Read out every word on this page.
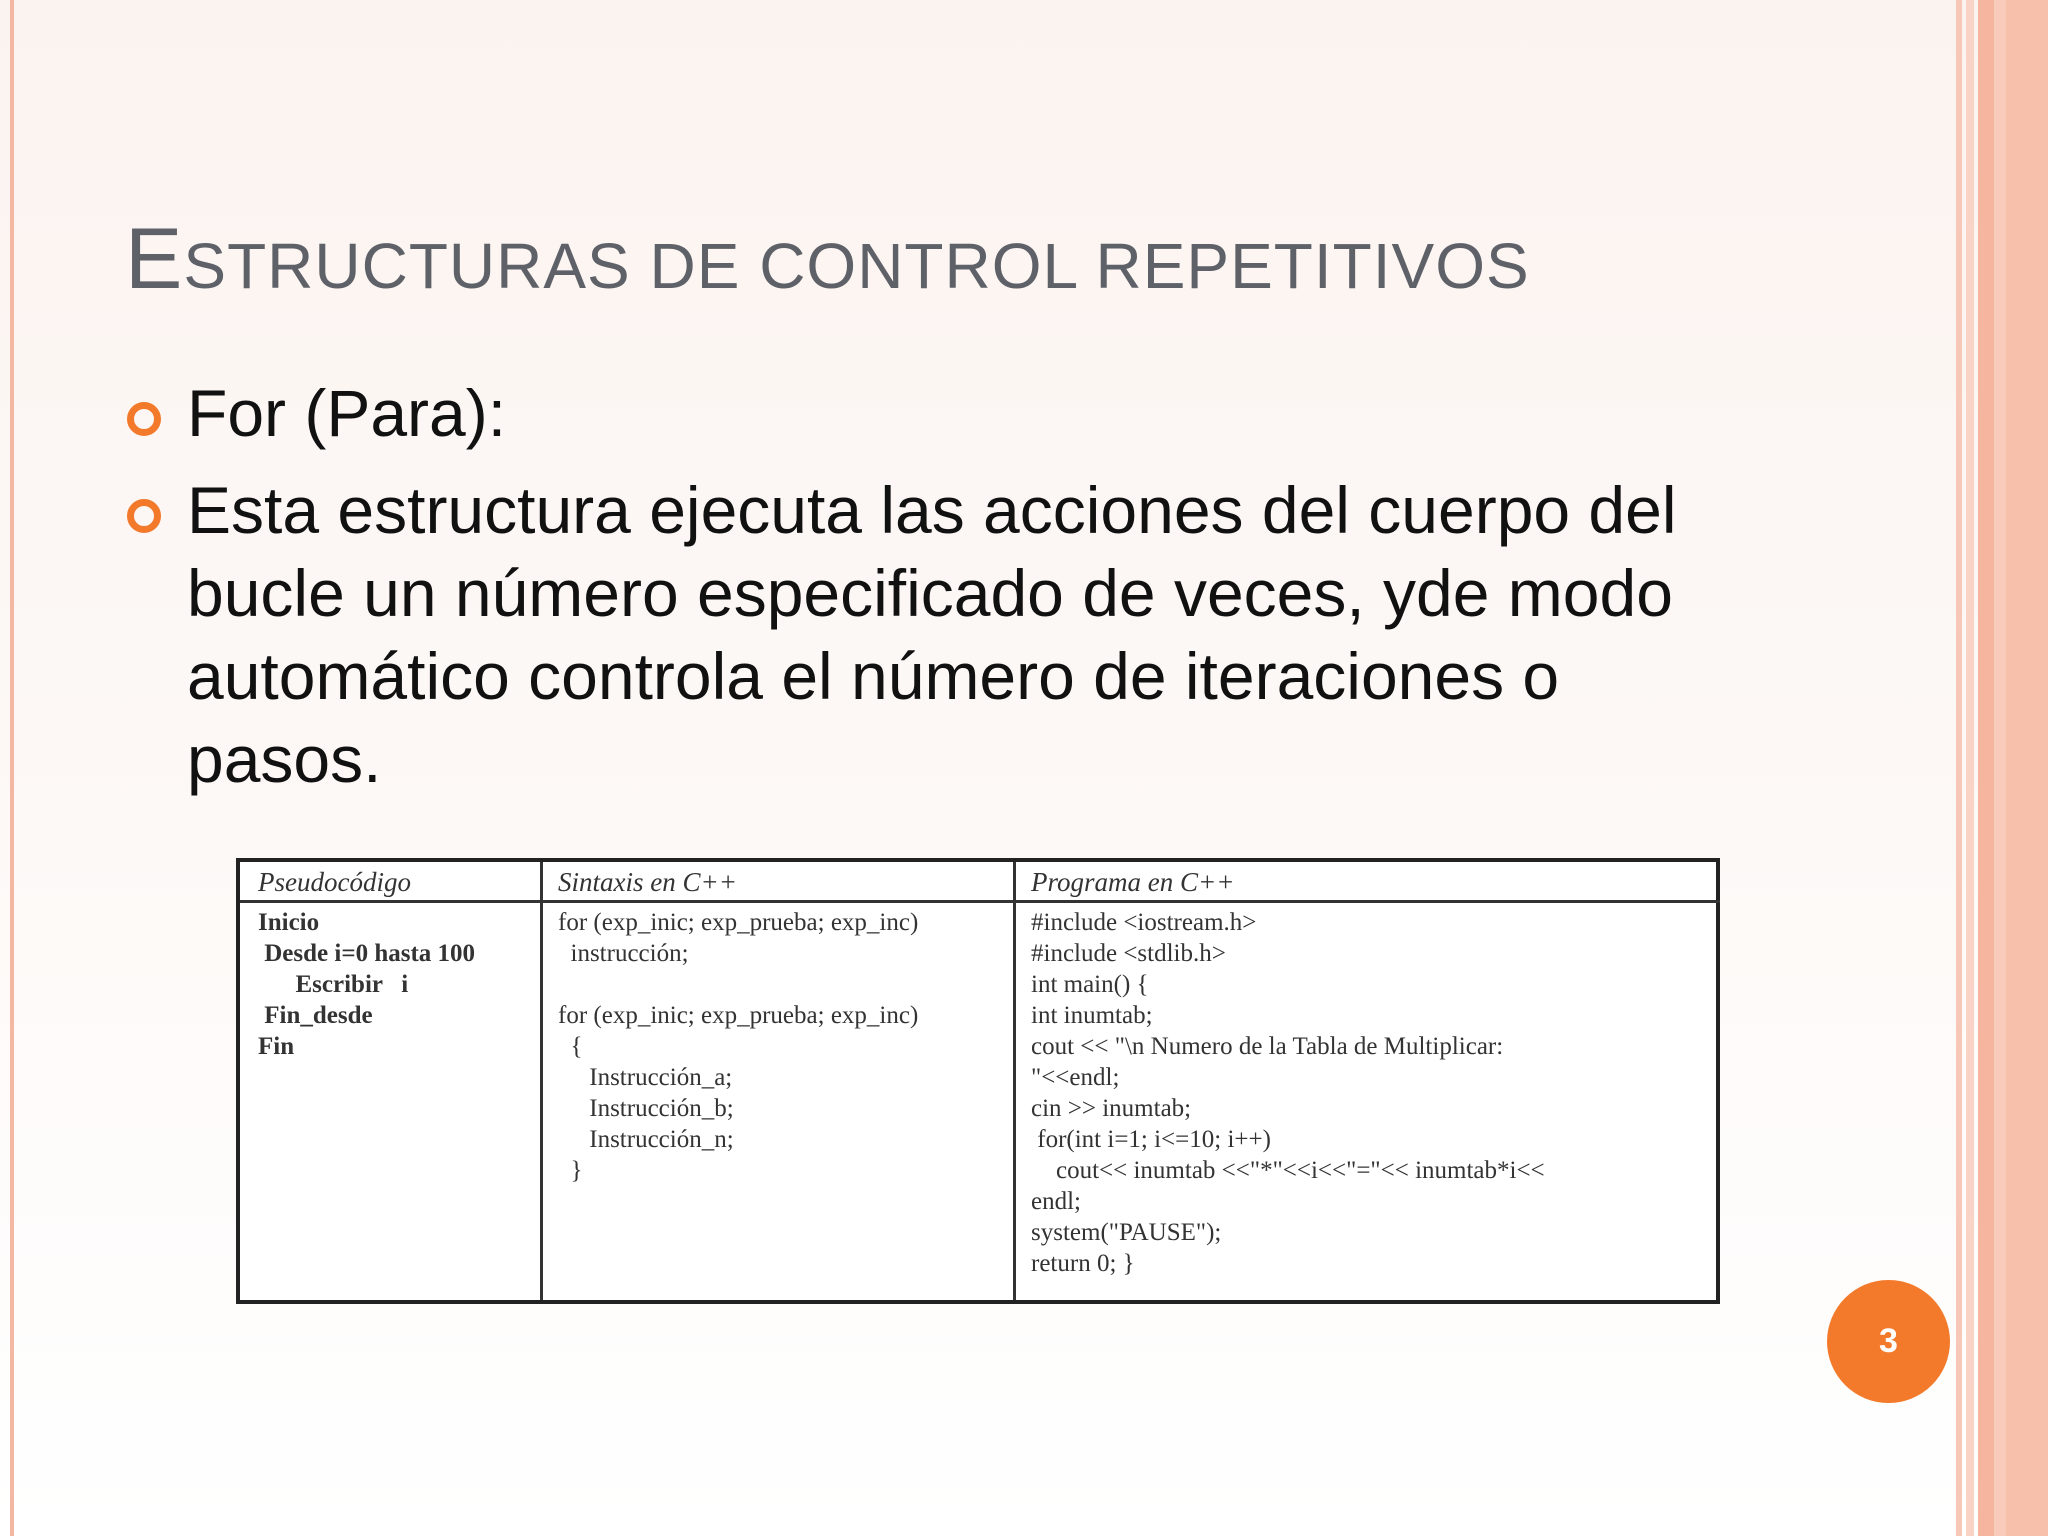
ESTRUCTURAS DE CONTROL REPETITIVOS
For (Para):
Esta estructura ejecuta las acciones del cuerpo del bucle un número especificado de veces, yde modo automático controla el número de iteraciones o pasos.
Pseudocódigo
Inicio
Desde i=0 hasta 100
Escribir   i
Fin_desde
Fin
Sintaxis en C++
for (exp_inic; exp_prueba; exp_inc)
instrucción;
for (exp_inic; exp_prueba; exp_inc)
{
Instrucción_a;
Instrucción_b;
Instrucción_n;
}
Programa en C++
#include <iostream.h>
#include <stdlib.h>
int main() {
int inumtab;
cout << "\n Numero de la Tabla de Multiplicar:
"<<endl;
cin >> inumtab;
for(int i=1; i<=10; i++)
cout<< inumtab <<"*"<<i<<"="<< inumtab*i<<
endl;
system("PAUSE");
return 0; }
3
